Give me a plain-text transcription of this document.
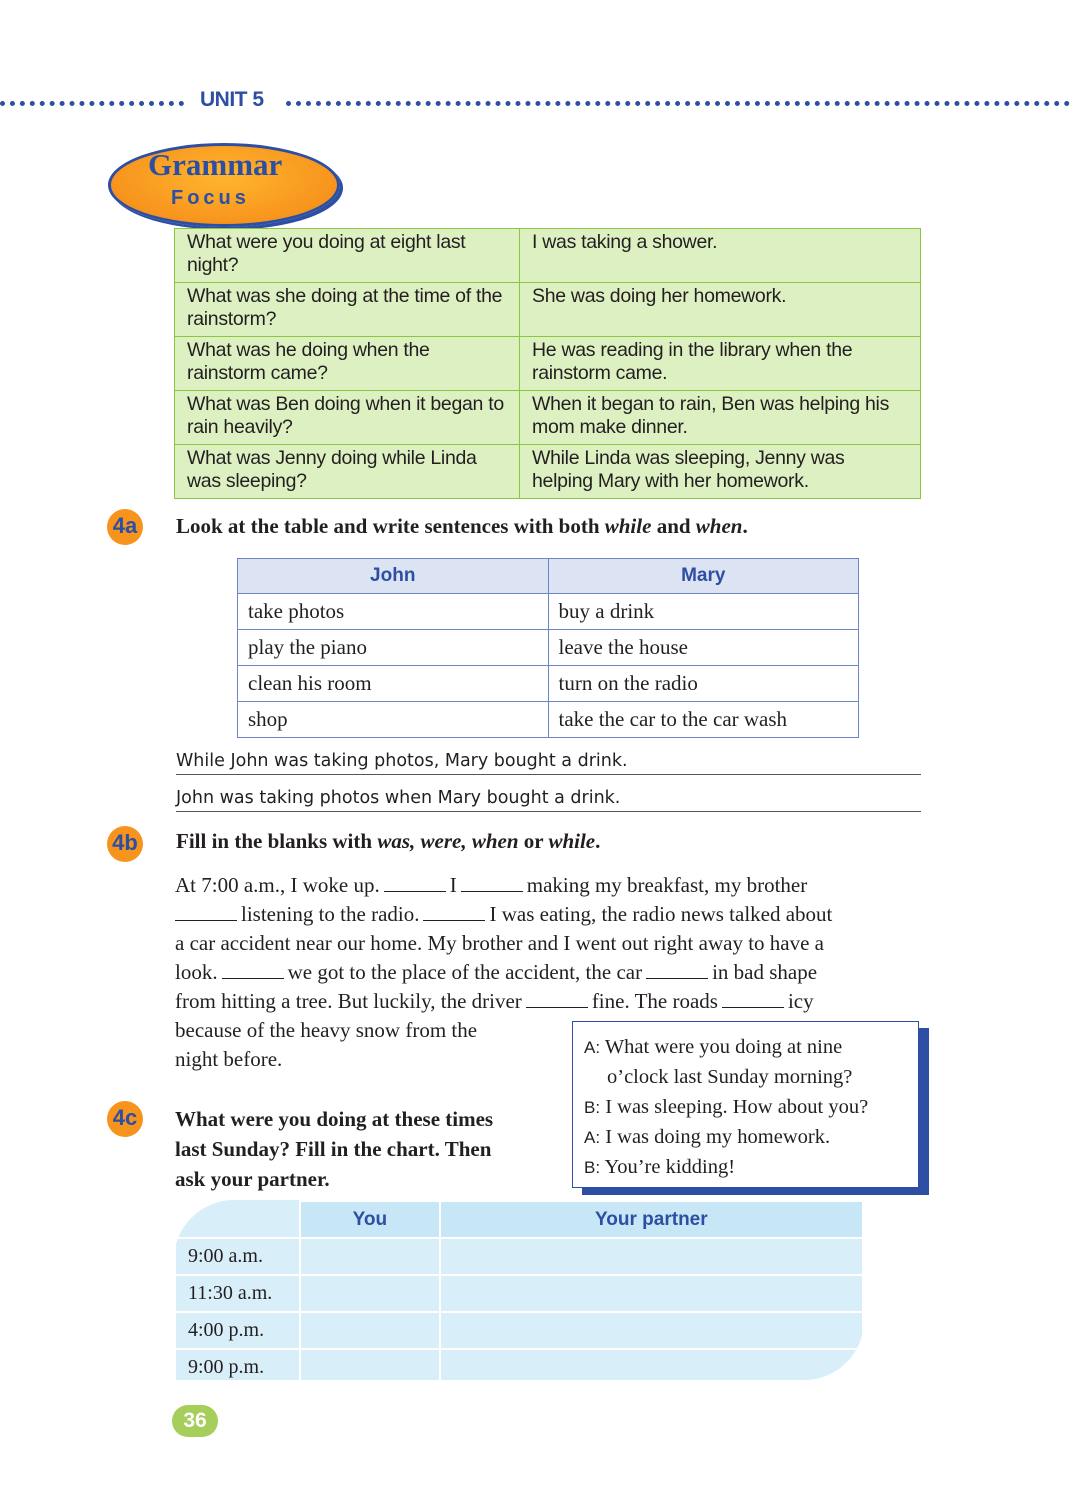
UNIT 5
Grammar
Focus
What were you doing at eight last night?	I was taking a shower.
What was she doing at the time of the rainstorm?	She was doing her homework.
What was he doing when the rainstorm came?	He was reading in the library when the rainstorm came.
What was Ben doing when it began to rain heavily?	When it began to rain, Ben was helping his mom make dinner.
What was Jenny doing while Linda was sleeping?	While Linda was sleeping, Jenny was helping Mary with her homework.
4a Look at the table and write sentences with both while and when.
John	Mary
take photos	buy a drink
play the piano	leave the house
clean his room	turn on the radio
shop	take the car to the car wash
While John was taking photos, Mary bought a drink.
John was taking photos when Mary bought a drink.
4b Fill in the blanks with was, were, when or while.
At 7:00 a.m., I woke up.	I	making my breakfast, my brother
listening to the radio.	I was eating, the radio news talked about
a car accident near our home. My brother and I went out right away to have a
look.	we got to the place of the accident, the car	in bad shape
from hitting a tree. But luckily, the driver	fine. The roads	icy
because of the heavy snow from the
night before.	A: What were you doing at nine
o’clock last Sunday morning?
B: I was sleeping. How about you?
A: I was doing my homework.
B: You’re kidding!
4c What were you doing at these times
last Sunday? Fill in the chart. Then
ask your partner.
	You	Your partner
9:00 a.m.		
11:30 a.m.		
4:00 p.m.		
9:00 p.m.		
36
